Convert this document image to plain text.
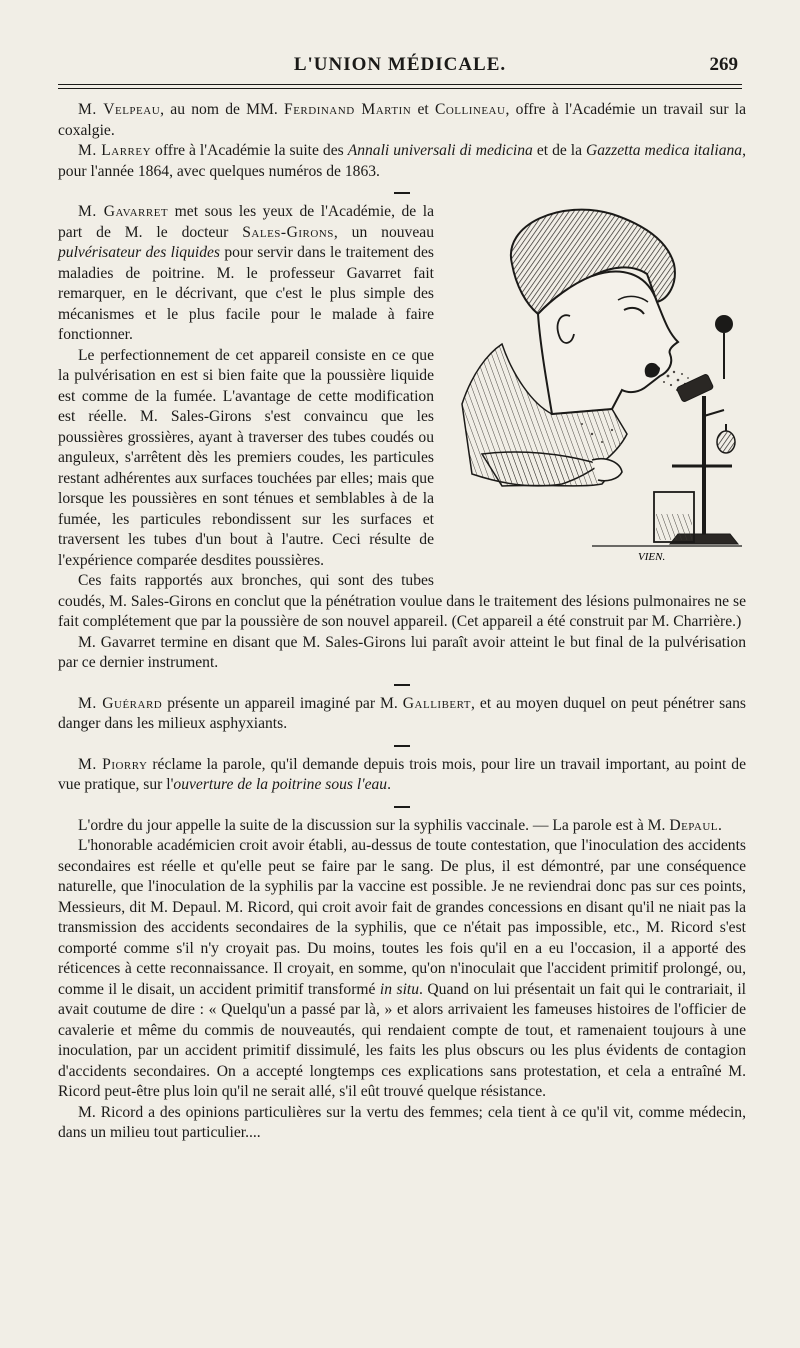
L'UNION MÉDICALE.	269

M. Velpeau, au nom de MM. Ferdinand Martin et Collineau, offre à l'Académie un travail sur la coxalgie.

M. Larrey offre à l'Académie la suite des Annali universali di medicina et de la Gazzetta medica italiana, pour l'année 1864, avec quelques numéros de 1863.

VIEN.

M. Gavarret met sous les yeux de l'Académie, de la part de M. le docteur Sales-Girons, un nouveau pulvérisateur des liquides pour servir dans le traitement des maladies de poitrine. M. le professeur Gavarret fait remarquer, en le décrivant, que c'est le plus simple des mécanismes et le plus facile pour le malade à faire fonctionner.

Le perfectionnement de cet appareil consiste en ce que la pulvérisation en est si bien faite que la poussière liquide est comme de la fumée. L'avantage de cette modification est réelle. M. Sales-Girons s'est convaincu que les poussières grossières, ayant à traverser des tubes coudés ou anguleux, s'arrêtent dès les premiers coudes, les particules restant adhérentes aux surfaces touchées par elles; mais que lorsque les poussières en sont ténues et semblables à de la fumée, les particules rebondissent sur les surfaces et traversent les tubes d'un bout à l'autre. Ceci résulte de l'expérience comparée desdites poussières.

Ces faits rapportés aux bronches, qui sont des tubes coudés, M. Sales-Girons en conclut que la pénétration voulue dans le traitement des lésions pulmonaires ne se fait complétement que par la poussière de son nouvel appareil. (Cet appareil a été construit par M. Charrière.)

M. Gavarret termine en disant que M. Sales-Girons lui paraît avoir atteint le but final de la pulvérisation par ce dernier instrument.

M. Guérard présente un appareil imaginé par M. Gallibert, et au moyen duquel on peut pénétrer sans danger dans les milieux asphyxiants.

M. Piorry réclame la parole, qu'il demande depuis trois mois, pour lire un travail important, au point de vue pratique, sur l'ouverture de la poitrine sous l'eau.

L'ordre du jour appelle la suite de la discussion sur la syphilis vaccinale. — La parole est à M. Depaul.

L'honorable académicien croit avoir établi, au-dessus de toute contestation, que l'inoculation des accidents secondaires est réelle et qu'elle peut se faire par le sang. De plus, il est démontré, par une conséquence naturelle, que l'inoculation de la syphilis par la vaccine est possible. Je ne reviendrai donc pas sur ces points, Messieurs, dit M. Depaul. M. Ricord, qui croit avoir fait de grandes concessions en disant qu'il ne niait pas la transmission des accidents secondaires de la syphilis, que ce n'était pas impossible, etc., M. Ricord s'est comporté comme s'il n'y croyait pas. Du moins, toutes les fois qu'il en a eu l'occasion, il a apporté des réticences à cette reconnaissance. Il croyait, en somme, qu'on n'inoculait que l'accident primitif prolongé, ou, comme il le disait, un accident primitif transformé in situ. Quand on lui présentait un fait qui le contrariait, il avait coutume de dire : « Quelqu'un a passé par là, » et alors arrivaient les fameuses histoires de l'officier de cavalerie et même du commis de nouveautés, qui rendaient compte de tout, et ramenaient toujours à une inoculation, par un accident primitif dissimulé, les faits les plus obscurs ou les plus évidents de contagion d'accidents secondaires. On a accepté longtemps ces explications sans protestation, et cela a entraîné M. Ricord peut-être plus loin qu'il ne serait allé, s'il eût trouvé quelque résistance.

M. Ricord a des opinions particulières sur la vertu des femmes; cela tient à ce qu'il vit, comme médecin, dans un milieu tout particulier....
